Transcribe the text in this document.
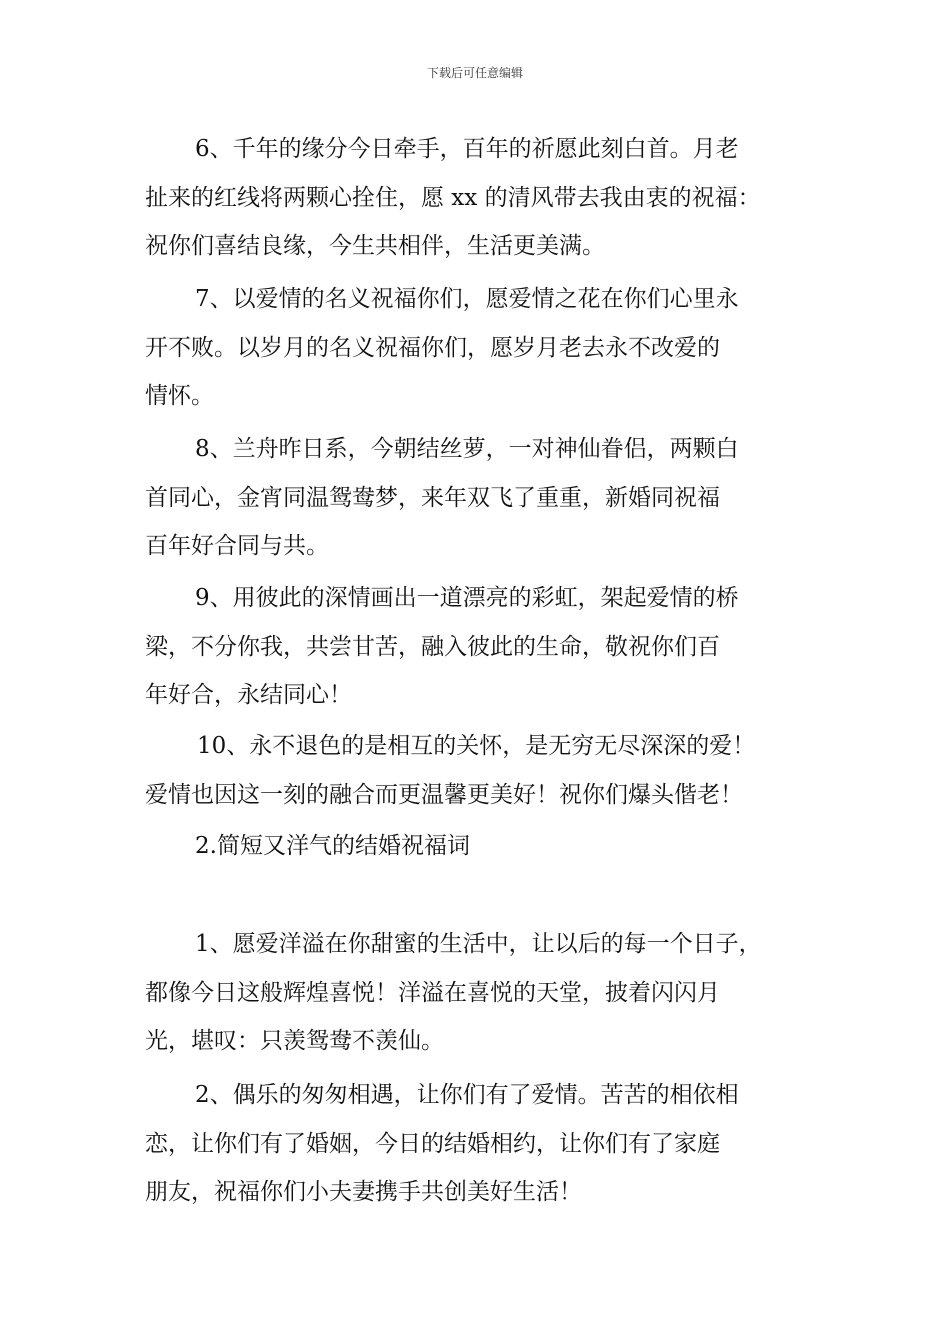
下载后可任意编辑
6、千年的缘分今日牵手，百年的祈愿此刻白首。月老
扯来的红线将两颗心拴住，愿 xx 的清风带去我由衷的祝福：
祝你们喜结良缘，今生共相伴，生活更美满。
7、以爱情的名义祝福你们，愿爱情之花在你们心里永
开不败。以岁月的名义祝福你们，愿岁月老去永不改爱的
情怀。
8、兰舟昨日系，今朝结丝萝，一对神仙眷侣，两颗白
首同心，金宵同温鸳鸯梦，来年双飞了重重，新婚同祝福
百年好合同与共。
9、用彼此的深情画出一道漂亮的彩虹，架起爱情的桥
梁，不分你我，共尝甘苦，融入彼此的生命，敬祝你们百
年好合，永结同心！
10、永不退色的是相互的关怀，是无穷无尽深深的爱！
爱情也因这一刻的融合而更温馨更美好！祝你们爆头偕老！
2.简短又洋气的结婚祝福词
1、愿爱洋溢在你甜蜜的生活中，让以后的每一个日子，
都像今日这般辉煌喜悦！洋溢在喜悦的天堂，披着闪闪月
光，堪叹：只羡鸳鸯不羡仙。
2、偶乐的匆匆相遇，让你们有了爱情。苦苦的相依相
恋，让你们有了婚姻，今日的结婚相约，让你们有了家庭
朋友，祝福你们小夫妻携手共创美好生活！
